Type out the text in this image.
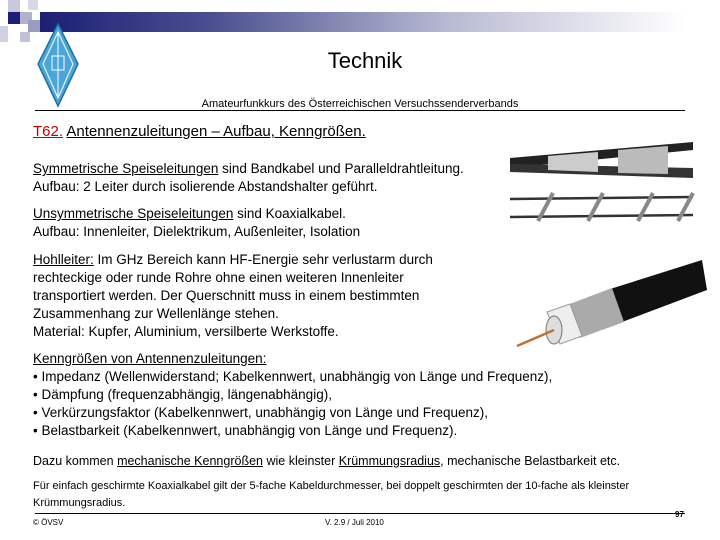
Technik
Amateurfunkkurs des Österreichischen Versuchssenderverbands
T62. Antennenzuleitungen – Aufbau, Kenngrößen.
Symmetrische Speiseleitungen sind Bandkabel und Paralleldrahtleitung.
Aufbau: 2 Leiter durch isolierende Abstandshalter geführt.
Unsymmetrische Speiseleitungen sind Koaxialkabel.
Aufbau: Innenleiter, Dielektrikum, Außenleiter, Isolation
Hohlleiter: Im GHz Bereich kann HF-Energie sehr verlustarm durch
rechteckige oder runde Rohre ohne einen weiteren Innenleiter
transportiert werden. Der Querschnitt muss in einem bestimmten
Zusammenhang zur Wellenlänge stehen.
Material: Kupfer, Aluminium, versilberte Werkstoffe.
Kenngrößen von Antennenzuleitungen:
• Impedanz (Wellenwiderstand; Kabelkennwert, unabhängig von Länge und Frequenz),
• Dämpfung (frequenzabhängig, längenabhängig),
• Verkürzungsfaktor (Kabelkennwert, unabhängig von Länge und Frequenz),
• Belastbarkeit (Kabelkennwert, unabhängig von Länge und Frequenz).
Dazu kommen mechanische Kenngrößen wie kleinster Krümmungsradius, mechanische Belastbarkeit etc.
Für einfach geschirmte Koaxialkabel gilt der 5-fache Kabeldurchmesser, bei doppelt geschirmten der 10-fache als kleinster
Krümmungsradius.
© ÖVSV	V. 2.9 / Juli 2010
97
